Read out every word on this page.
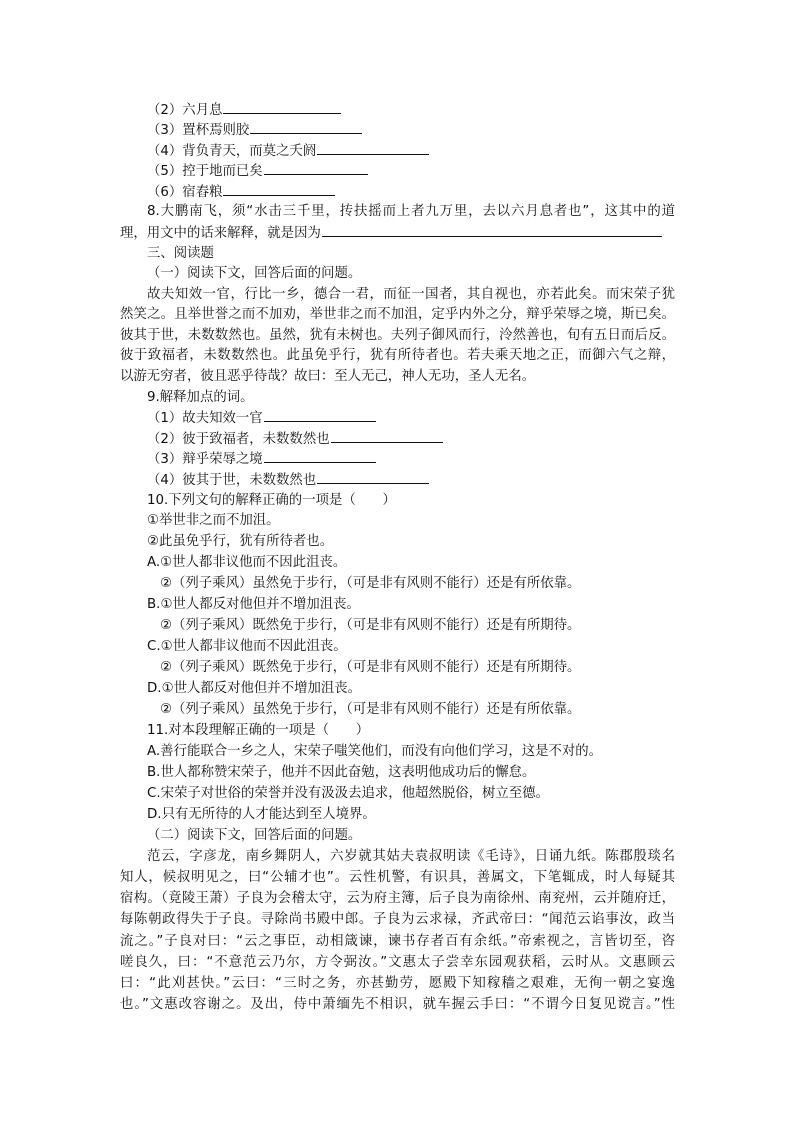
（2）六月息
（3）置杯焉则胶
（4）背负青天，而莫之夭阏
（5）控于地而已矣
（6）宿舂粮
8.大鹏南飞，须“水击三千里，抟扶摇而上者九万里，去以六月息者也”，这其中的道
理，用文中的话来解释，就是因为
三、阅读题
（一）阅读下文，回答后面的问题。
故夫知效一官，行比一乡，德合一君，而征一国者，其自视也，亦若此矣。而宋荣子犹
然笑之。且举世誉之而不加劝，举世非之而不加沮，定乎内外之分，辩乎荣辱之境，斯已矣。
彼其于世，未数数然也。虽然，犹有未树也。夫列子御风而行，泠然善也，旬有五日而后反。
彼于致福者，未数数然也。此虽免乎行，犹有所待者也。若夫乘天地之正，而御六气之辩，
以游无穷者，彼且恶乎待哉？故曰：至人无己，神人无功，圣人无名。
9.解释加点的词。
（1）故夫知效一官
（2）彼于致福者，未数数然也
（3）辩乎荣辱之境
（4）彼其于世，未数数然也
10.下列文句的解释正确的一项是（　　）
①举世非之而不加沮。
②此虽免乎行，犹有所待者也。
A.①世人都非议他而不因此沮丧。
②（列子乘风）虽然免于步行，（可是非有风则不能行）还是有所依靠。
B.①世人都反对他但并不增加沮丧。
②（列子乘风）既然免于步行，（可是非有风则不能行）还是有所期待。
C.①世人都非议他而不因此沮丧。
②（列子乘风）既然免于步行，（可是非有风则不能行）还是有所期待。
D.①世人都反对他但并不增加沮丧。
②（列子乘风）虽然免于步行，（可是非有风则不能行）还是有所依靠。
11.对本段理解正确的一项是（　　）
A.善行能联合一乡之人，宋荣子嗤笑他们，而没有向他们学习，这是不对的。
B.世人都称赞宋荣子，他并不因此奋勉，这表明他成功后的懈怠。
C.宋荣子对世俗的荣誉并没有汲汲去追求，他超然脱俗，树立至德。
D.只有无所待的人才能达到至人境界。
（二）阅读下文，回答后面的问题。
范云，字彦龙，南乡舞阴人，六岁就其姑夫袁叔明读《毛诗》，日诵九纸。陈郡殷琰名
知人，候叔明见之，曰“公辅才也”。云性机警，有识具，善属文，下笔辄成，时人每疑其
宿构。（竟陵王萧）子良为会稽太守，云为府主簿，后子良为南徐州、南兖州，云并随府迁，
每陈朝政得失于子良。寻除尚书殿中郎。子良为云求禄，齐武帝曰：“闻范云谄事汝，政当
流之。”子良对曰：“云之事臣，动相箴谏，谏书存者百有余纸。”帝索视之，言皆切至，咨
嗟良久，曰：“不意范云乃尔，方令弼汝。”文惠太子尝幸东园观获稻，云时从。文惠顾云
曰：“此刈甚快。”云曰：“三时之务，亦甚勤劳，愿殿下知稼穑之艰难，无徇一朝之宴逸
也。”文惠改容谢之。及出，侍中萧缅先不相识，就车握云手曰：“不谓今日复见谠言。”性
